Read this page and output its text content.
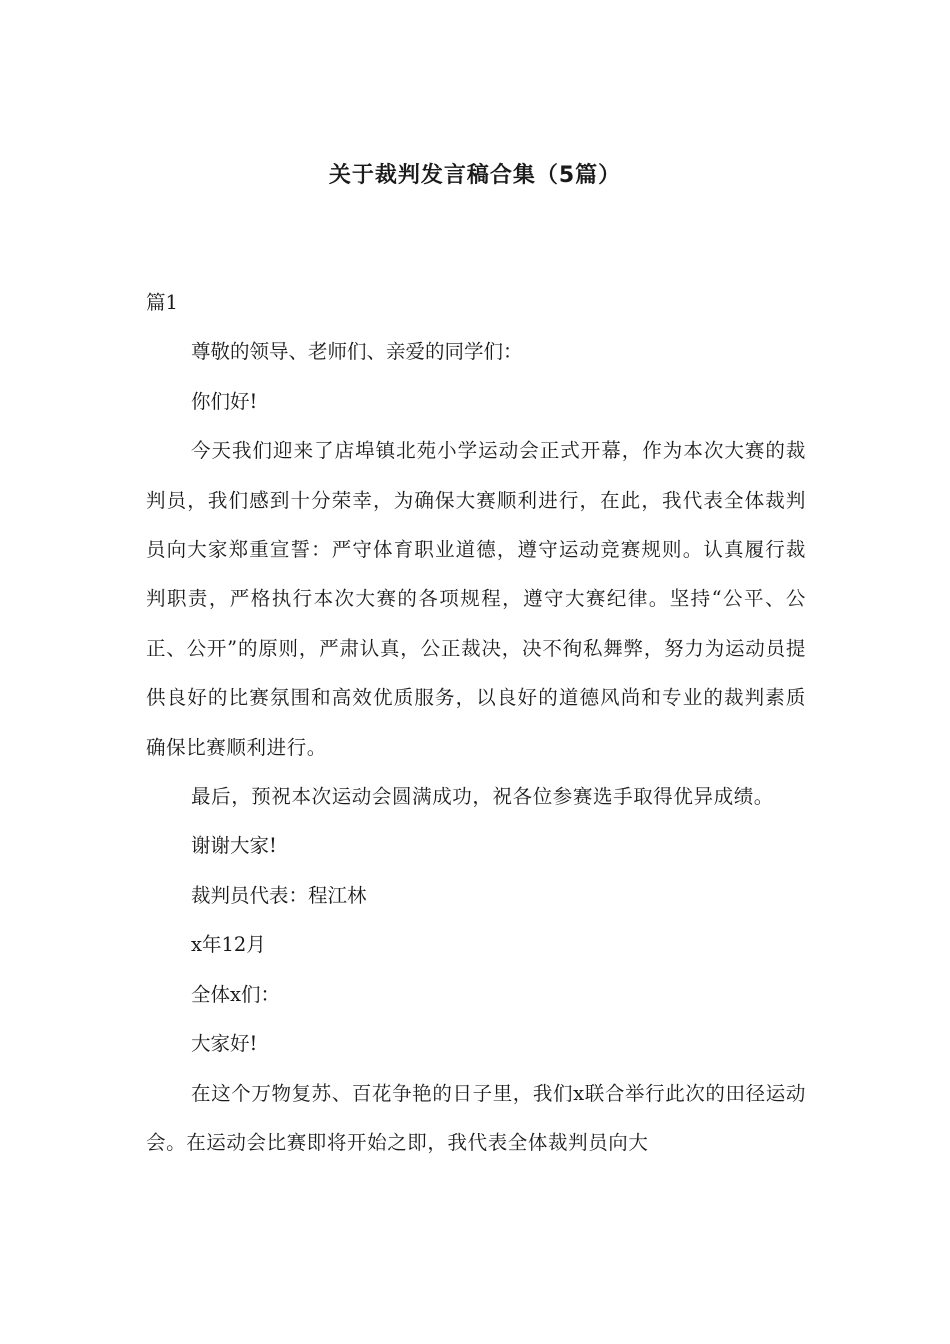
关于裁判发言稿合集（5篇）

篇1

尊敬的领导、老师们、亲爱的同学们：

你们好!

今天我们迎来了店埠镇北苑小学运动会正式开幕，作为本次大赛的裁判员，我们感到十分荣幸，为确保大赛顺利进行，在此，我代表全体裁判员向大家郑重宣誓：严守体育职业道德，遵守运动竞赛规则。认真履行裁判职责，严格执行本次大赛的各项规程，遵守大赛纪律。坚持“公平、公正、公开”的原则，严肃认真，公正裁决，决不徇私舞弊，努力为运动员提供良好的比赛氛围和高效优质服务，以良好的道德风尚和专业的裁判素质确保比赛顺利进行。

最后，预祝本次运动会圆满成功，祝各位参赛选手取得优异成绩。

谢谢大家!

裁判员代表：程江林

x年12月

全体x们：

大家好!

在这个万物复苏、百花争艳的日子里，我们x联合举行此次的田径运动会。在运动会比赛即将开始之即，我代表全体裁判员向大
